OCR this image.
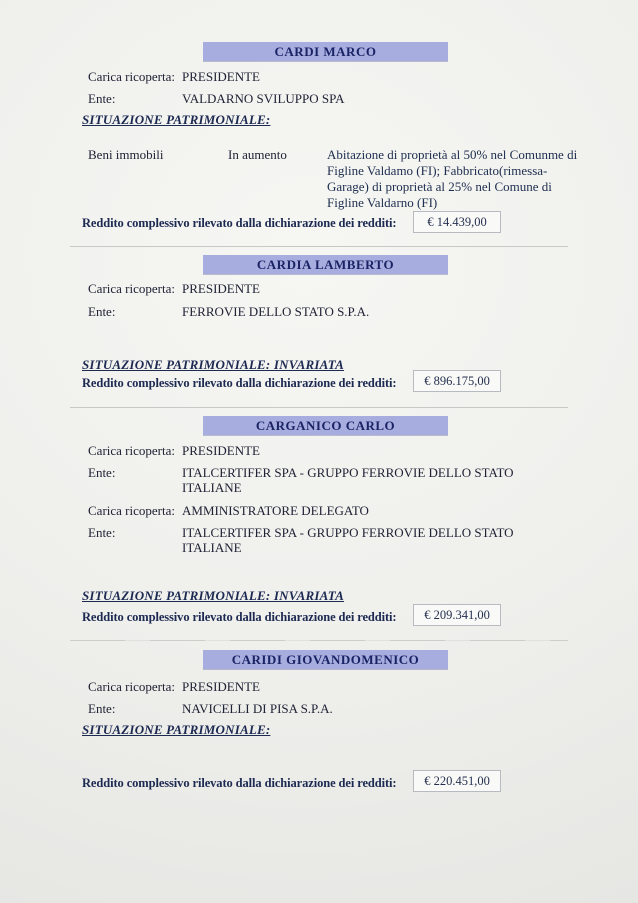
CARDI MARCO
Carica ricoperta: PRESIDENTE
Ente:	VALDARNO SVILUPPO SPA
SITUAZIONE PATRIMONIALE:
Beni immobili	In aumento	Abitazione di proprietà al 50% nel Comunme di
Figline Valdamo (FI); Fabbricato(rimessa-
Garage) di proprietà al 25% nel Comune di
Figline Valdarno (FI)
Reddito complessivo rilevato dalla dichiarazione dei redditi:	€ 14.439,00
CARDIA LAMBERTO
Carica ricoperta: PRESIDENTE
Ente:	FERROVIE DELLO STATO S.P.A.
SITUAZIONE PATRIMONIALE: INVARIATA
Reddito complessivo rilevato dalla dichiarazione dei redditi:	€ 896.175,00
CARGANICO CARLO
Carica ricoperta: PRESIDENTE
Ente:	ITALCERTIFER SPA - GRUPPO FERROVIE DELLO STATO
ITALIANE
Carica ricoperta: AMMINISTRATORE DELEGATO
Ente:	ITALCERTIFER SPA - GRUPPO FERROVIE DELLO STATO
ITALIANE
SITUAZIONE PATRIMONIALE: INVARIATA
Reddito complessivo rilevato dalla dichiarazione dei redditi:	€ 209.341,00
CARIDI GIOVANDOMENICO
Carica ricoperta: PRESIDENTE
Ente:	NAVICELLI DI PISA S.P.A.
SITUAZIONE PATRIMONIALE:
Reddito complessivo rilevato dalla dichiarazione dei redditi:	€ 220.451,00
